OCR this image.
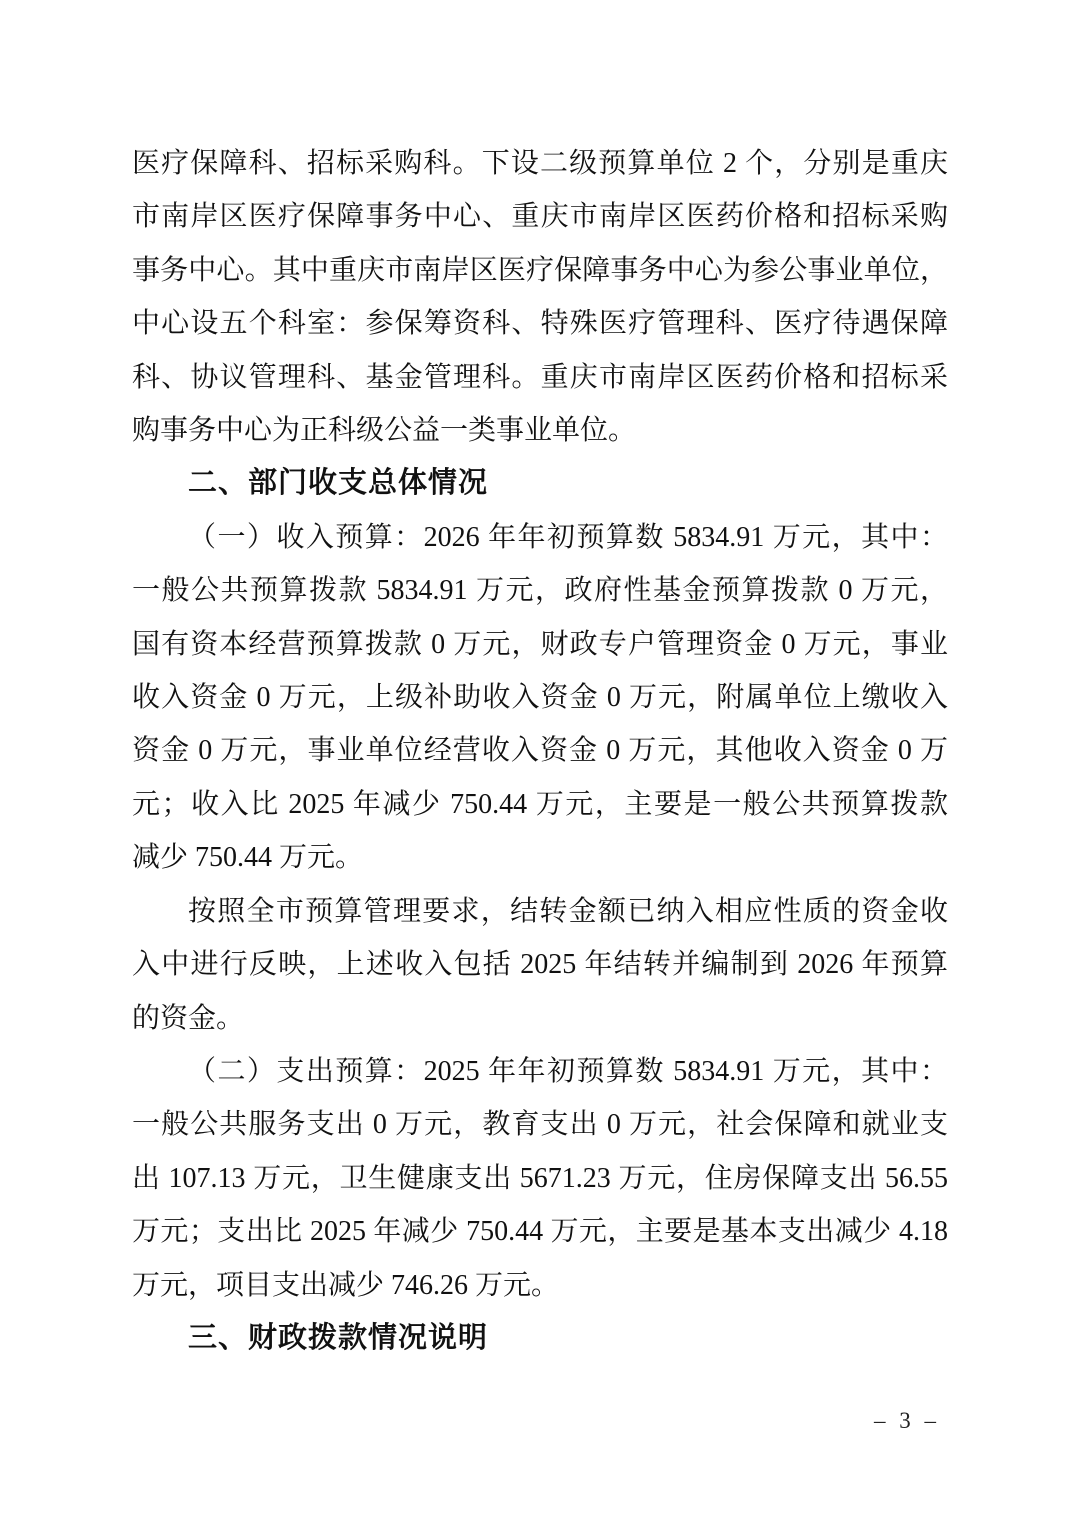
医疗保障科、招标采购科。下设二级预算单位 2 个，分别是重庆

市南岸区医疗保障事务中心、重庆市南岸区医药价格和招标采购

事务中心。其中重庆市南岸区医疗保障事务中心为参公事业单位，

中心设五个科室：参保筹资科、特殊医疗管理科、医疗待遇保障

科、协议管理科、基金管理科。重庆市南岸区医药价格和招标采

购事务中心为正科级公益一类事业单位。

二、部门收支总体情况

（一）收入预算：2026 年年初预算数 5834.91 万元，其中：

一般公共预算拨款 5834.91 万元，政府性基金预算拨款 0 万元，

国有资本经营预算拨款 0 万元，财政专户管理资金 0 万元，事业

收入资金 0 万元，上级补助收入资金 0 万元，附属单位上缴收入

资金 0 万元，事业单位经营收入资金 0 万元，其他收入资金 0 万

元；收入比 2025 年减少 750.44 万元，主要是一般公共预算拨款

减少 750.44 万元。

按照全市预算管理要求，结转金额已纳入相应性质的资金收

入中进行反映，上述收入包括 2025 年结转并编制到 2026 年预算

的资金。

（二）支出预算：2025 年年初预算数 5834.91 万元，其中：

一般公共服务支出 0 万元，教育支出 0 万元，社会保障和就业支

出 107.13 万元，卫生健康支出 5671.23 万元，住房保障支出 56.55

万元；支出比 2025 年减少 750.44 万元，主要是基本支出减少 4.18

万元，项目支出减少 746.26 万元。

三、财政拨款情况说明

– 3 –
